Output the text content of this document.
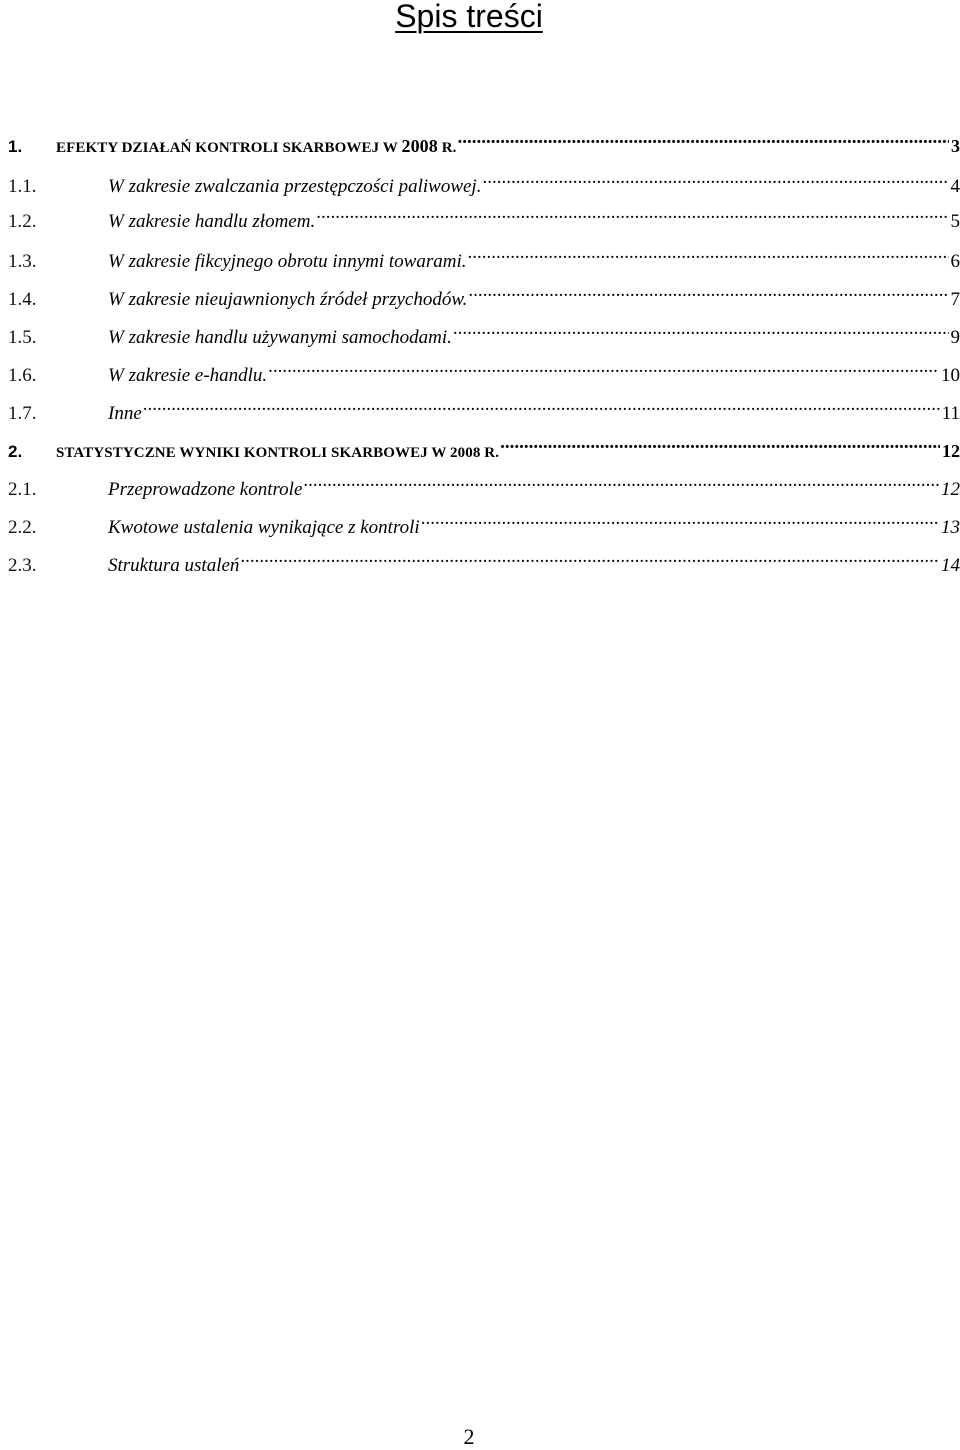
Spis treści
1.	EFEKTY DZIAŁAŃ KONTROLI SKARBOWEJ W 2008 R. .....	3
1.1.	W zakresie zwalczania przestępczości paliwowej. .....	4
1.2.	W zakresie handlu złomem. .....	5
1.3.	W zakresie fikcyjnego obrotu innymi towarami. .....	6
1.4.	W zakresie nieujawnionych źródeł przychodów. .....	7
1.5.	W zakresie handlu używanymi samochodami. .....	9
1.6.	W zakresie e-handlu. .....	10
1.7.	Inne .....	11
2.	STATYSTYCZNE WYNIKI KONTROLI SKARBOWEJ W 2008 R. .....	12
2.1.	Przeprowadzone kontrole .....	12
2.2.	Kwotowe ustalenia wynikające z kontroli .....	13
2.3.	Struktura ustaleń .....	14
2
